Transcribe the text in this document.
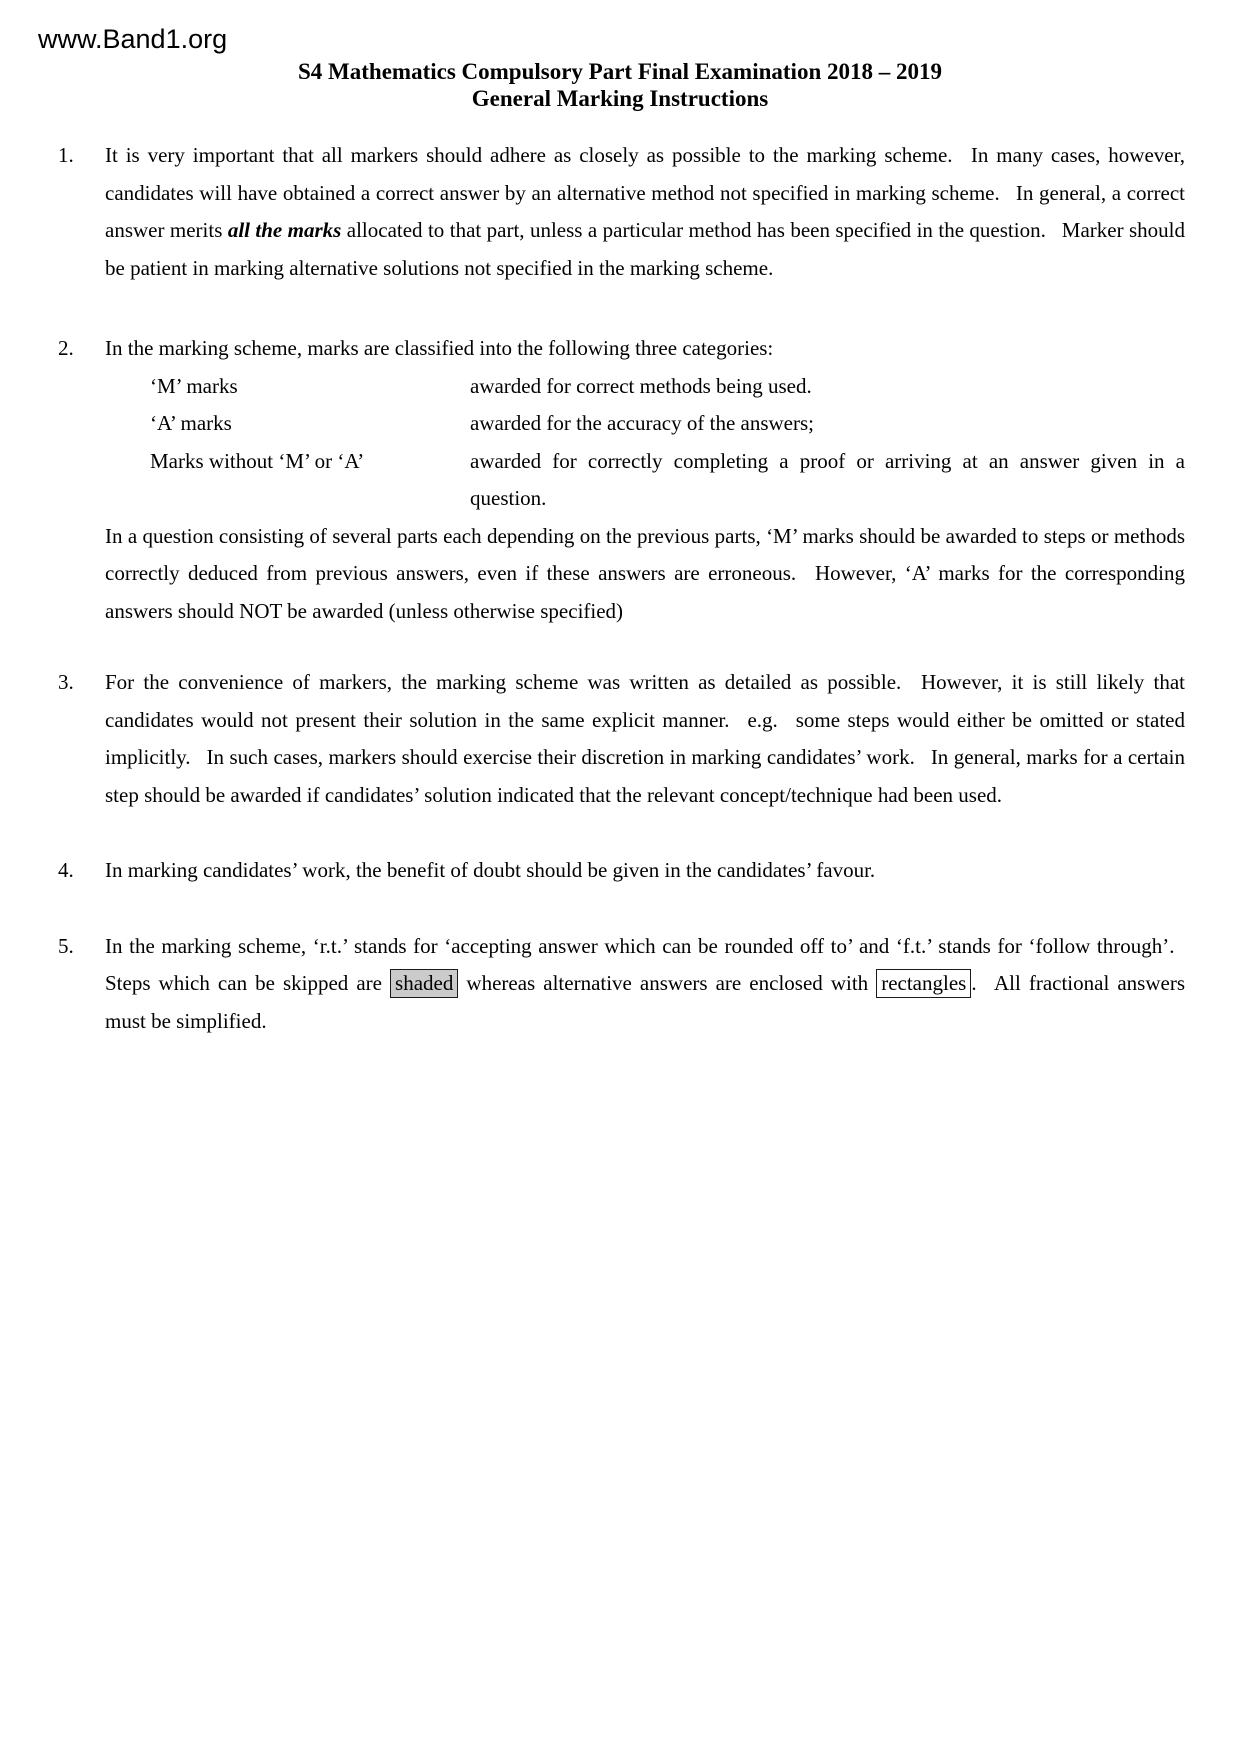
www.Band1.org
S4 Mathematics Compulsory Part Final Examination 2018 – 2019
General Marking Instructions
1.	It is very important that all markers should adhere as closely as possible to the marking scheme.  In many cases, however, candidates will have obtained a correct answer by an alternative method not specified in marking scheme.  In general, a correct answer merits all the marks allocated to that part, unless a particular method has been specified in the question.  Marker should be patient in marking alternative solutions not specified in the marking scheme.
2.	In the marking scheme, marks are classified into the following three categories:
‘M’ marks	awarded for correct methods being used.
‘A’ marks	awarded for the accuracy of the answers;
Marks without ‘M’ or ‘A’	awarded for correctly completing a proof or arriving at an answer given in a question.
In a question consisting of several parts each depending on the previous parts, ‘M’ marks should be awarded to steps or methods correctly deduced from previous answers, even if these answers are erroneous.  However, ‘A’ marks for the corresponding answers should NOT be awarded (unless otherwise specified)
3.	For the convenience of markers, the marking scheme was written as detailed as possible.  However, it is still likely that candidates would not present their solution in the same explicit manner.  e.g.  some steps would either be omitted or stated implicitly.  In such cases, markers should exercise their discretion in marking candidates’ work.  In general, marks for a certain step should be awarded if candidates’ solution indicated that the relevant concept/technique had been used.
4.	In marking candidates’ work, the benefit of doubt should be given in the candidates’ favour.
5.	In the marking scheme, ‘r.t.’ stands for ‘accepting answer which can be rounded off to’ and ‘f.t.’ stands for ‘follow through’.  Steps which can be skipped are shaded whereas alternative answers are enclosed with rectangles .  All fractional answers must be simplified.
